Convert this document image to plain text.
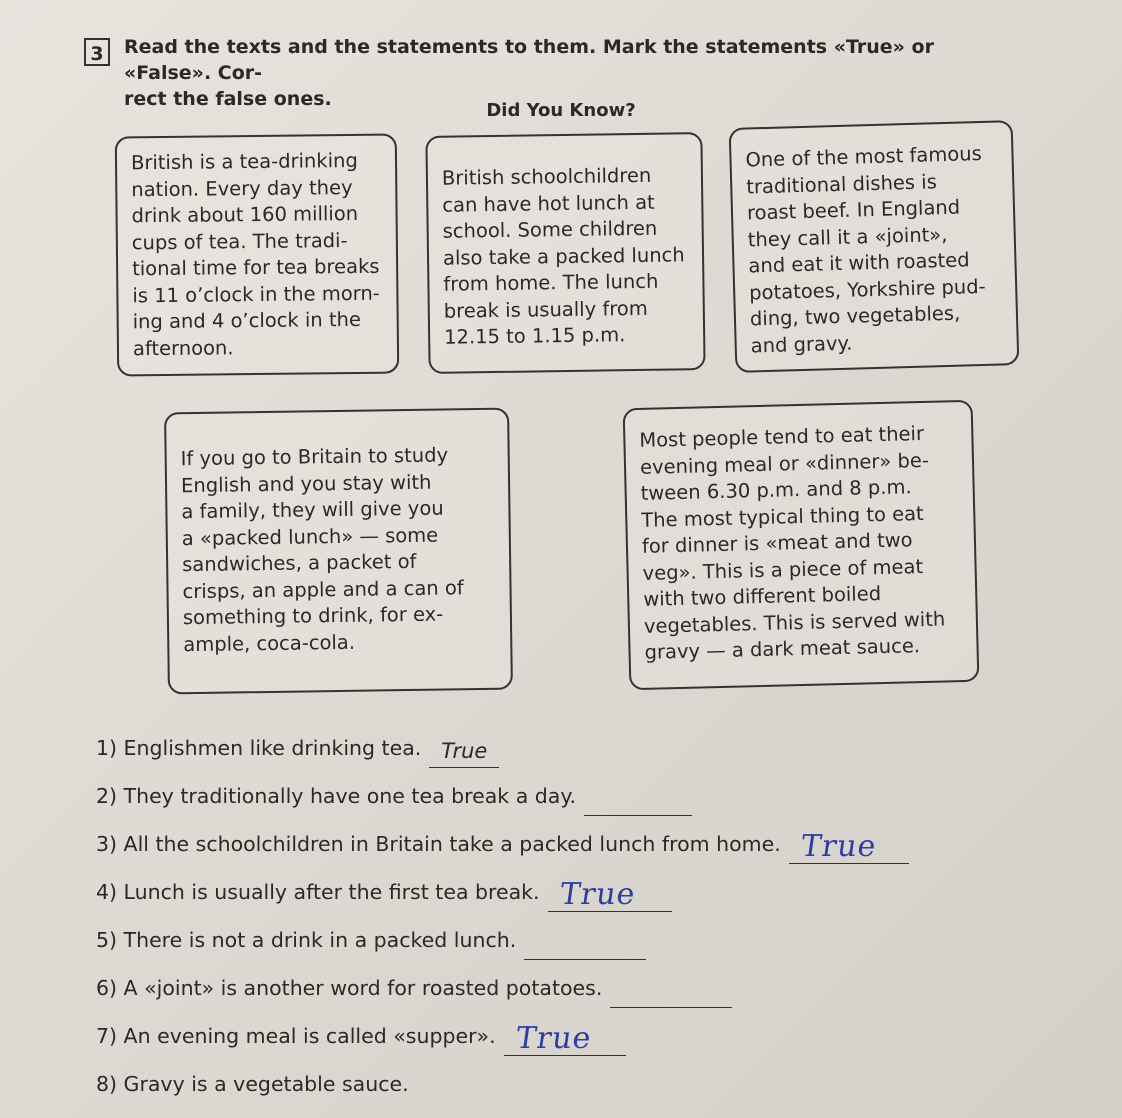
3	Read the texts and the statements to them. Mark the statements «True» or «False». Cor-
rect the false ones.
Did You Know?
British is a tea-drinking
nation. Every day they
drink about 160 million
cups of tea. The tradi-
tional time for tea breaks
is 11 o’clock in the morn-
ing and 4 o’clock in the
afternoon.
British schoolchildren
can have hot lunch at
school. Some children
also take a packed lunch
from home. The lunch
break is usually from
12.15 to 1.15 p.m.
One of the most famous
traditional dishes is
roast beef. In England
they call it a «joint»,
and eat it with roasted
potatoes, Yorkshire pud-
ding, two vegetables,
and gravy.
If you go to Britain to study
English and you stay with
a family, they will give you
a «packed lunch» — some
sandwiches, a packet of
crisps, an apple and a can of
something to drink, for ex-
ample, coca-cola.
Most people tend to eat their
evening meal or «dinner» be-
tween 6.30 p.m. and 8 p.m.
The most typical thing to eat
for dinner is «meat and two
veg». This is a piece of meat
with two different boiled
vegetables. This is served with
gravy — a dark meat sauce.
1) Englishmen like drinking tea. True
2) They traditionally have one tea break a day.
3) All the schoolchildren in Britain take a packed lunch from home. True
4) Lunch is usually after the first tea break. True
5) There is not a drink in a packed lunch.
6) A «joint» is another word for roasted potatoes.
7) An evening meal is called «supper». True
8) Gravy is a vegetable sauce.
